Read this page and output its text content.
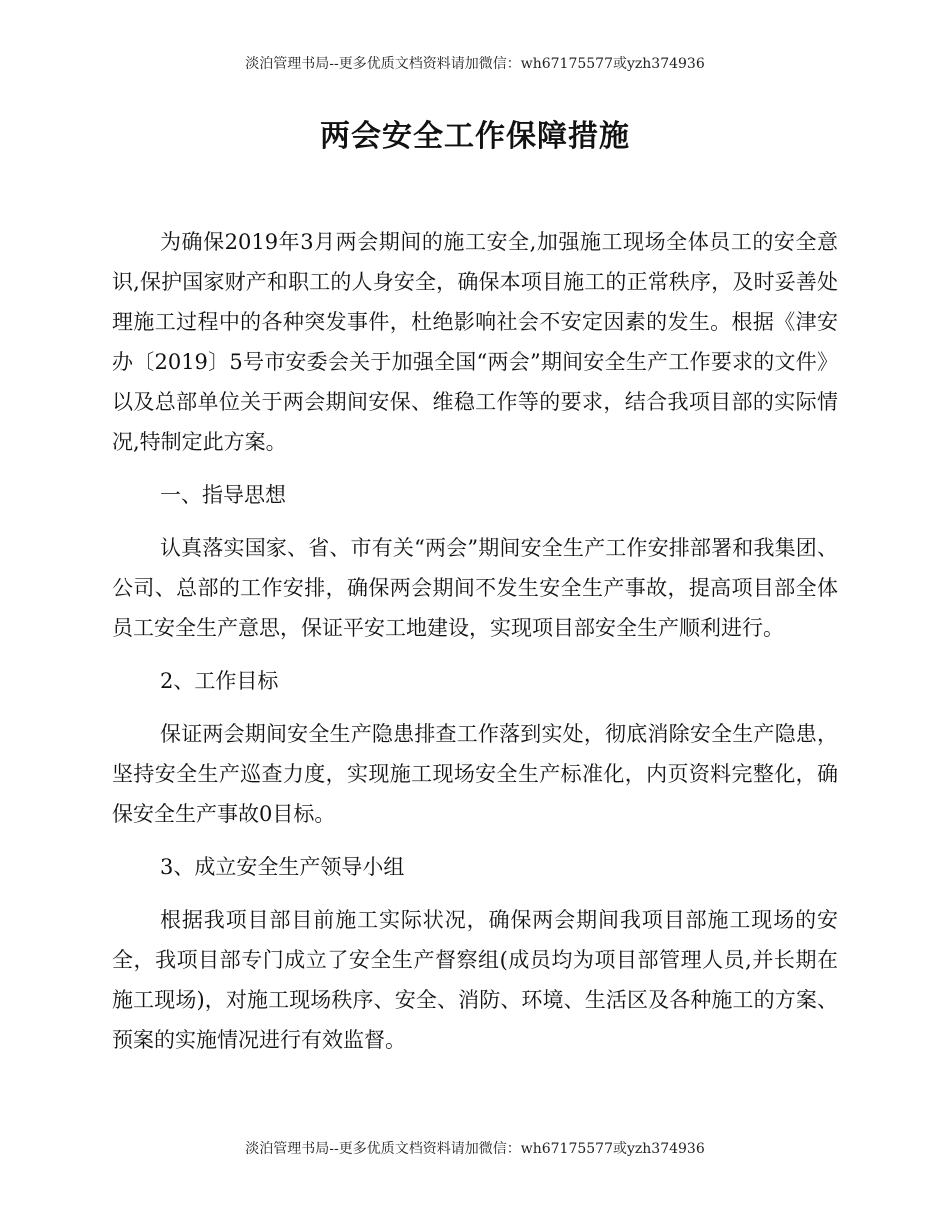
淡泊管理书局--更多优质文档资料请加微信：wh67175577或yzh374936
两会安全工作保障措施

为确保2019年3月两会期间的施工安全,加强施工现场全体员工的安全意识,保护国家财产和职工的人身安全，确保本项目施工的正常秩序，及时妥善处理施工过程中的各种突发事件，杜绝影响社会不安定因素的发生。根据《津安办〔2019〕5号市安委会关于加强全国“两会”期间安全生产工作要求的文件》以及总部单位关于两会期间安保、维稳工作等的要求，结合我项目部的实际情况,特制定此方案。

一、指导思想

认真落实国家、省、市有关“两会”期间安全生产工作安排部署和我集团、公司、总部的工作安排，确保两会期间不发生安全生产事故，提高项目部全体员工安全生产意思，保证平安工地建设，实现项目部安全生产顺利进行。

2、工作目标

保证两会期间安全生产隐患排查工作落到实处，彻底消除安全生产隐患，坚持安全生产巡查力度，实现施工现场安全生产标准化，内页资料完整化，确保安全生产事故0目标。

3、成立安全生产领导小组

根据我项目部目前施工实际状况，确保两会期间我项目部施工现场的安全，我项目部专门成立了安全生产督察组(成员均为项目部管理人员,并长期在施工现场)，对施工现场秩序、安全、消防、环境、生活区及各种施工的方案、预案的实施情况进行有效监督。

淡泊管理书局--更多优质文档资料请加微信：wh67175577或yzh374936
